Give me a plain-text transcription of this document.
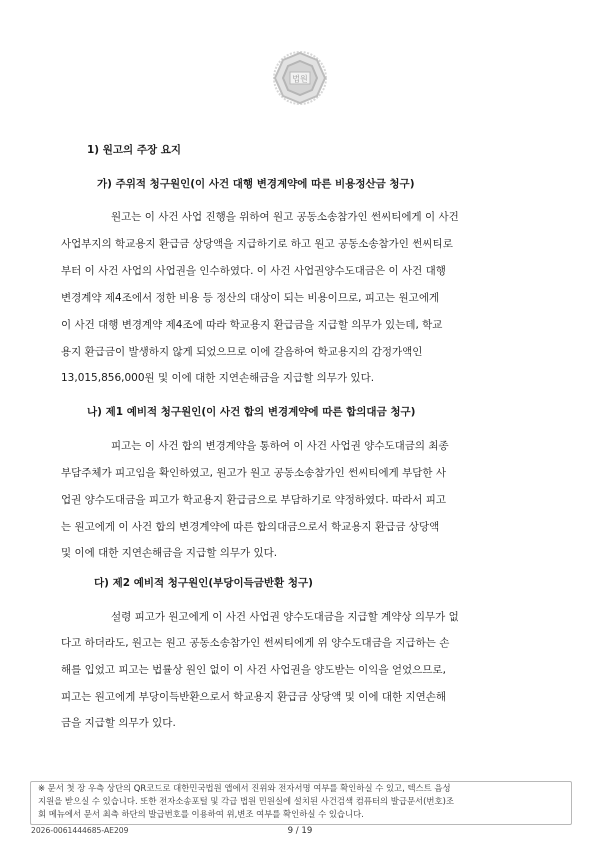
법원
1) 원고의 주장 요지
가) 주위적 청구원인(이 사건 대행 변경계약에 따른 비용정산금 청구)
원고는 이 사건 사업 진행을 위하여 원고 공동소송참가인 썬씨티에게 이 사건
사업부지의 학교용지 환급금 상당액을 지급하기로 하고 원고 공동소송참가인 썬씨티로
부터 이 사건 사업의 사업권을 인수하였다. 이 사건 사업권양수도대금은 이 사건 대행
변경계약 제4조에서 정한 비용 등 정산의 대상이 되는 비용이므로, 피고는 원고에게
이 사건 대행 변경계약 제4조에 따라 학교용지 환급금을 지급할 의무가 있는데, 학교
용지 환급금이 발생하지 않게 되었으므로 이에 갈음하여 학교용지의 감정가액인
13,015,856,000원 및 이에 대한 지연손해금을 지급할 의무가 있다.
나) 제1 예비적 청구원인(이 사건 합의 변경계약에 따른 합의대금 청구)
피고는 이 사건 합의 변경계약을 통하여 이 사건 사업권 양수도대금의 최종
부담주체가 피고임을 확인하였고, 원고가 원고 공동소송참가인 썬씨티에게 부담한 사
업권 양수도대금을 피고가 학교용지 환급금으로 부담하기로 약정하였다. 따라서 피고
는 원고에게 이 사건 합의 변경계약에 따른 합의대금으로서 학교용지 환급금 상당액
및 이에 대한 지연손해금을 지급할 의무가 있다.
다) 제2 예비적 청구원인(부당이득금반환 청구)
설령 피고가 원고에게 이 사건 사업권 양수도대금을 지급할 계약상 의무가 없
다고 하더라도, 원고는 원고 공동소송참가인 썬씨티에게 위 양수도대금을 지급하는 손
해를 입었고 피고는 법률상 원인 없이 이 사건 사업권을 양도받는 이익을 얻었으므로,
피고는 원고에게 부당이득반환으로서 학교용지 환급금 상당액 및 이에 대한 지연손해
금을 지급할 의무가 있다.
※ 문서 첫 장 우측 상단의 QR코드로 대한민국법원 앱에서 진위와 전자서명 여부를 확인하실 수 있고, 텍스트 음성
지원을 받으실 수 있습니다. 또한 전자소송포털 및 각급 법원 민원실에 설치된 사건검색 컴퓨터의 발급문서(번호)조
회 메뉴에서 문서 최측 하단의 발급번호를 이용하여 위,변조 여부를 확인하실 수 있습니다.
2026-0061444685-AE209	9 / 19
